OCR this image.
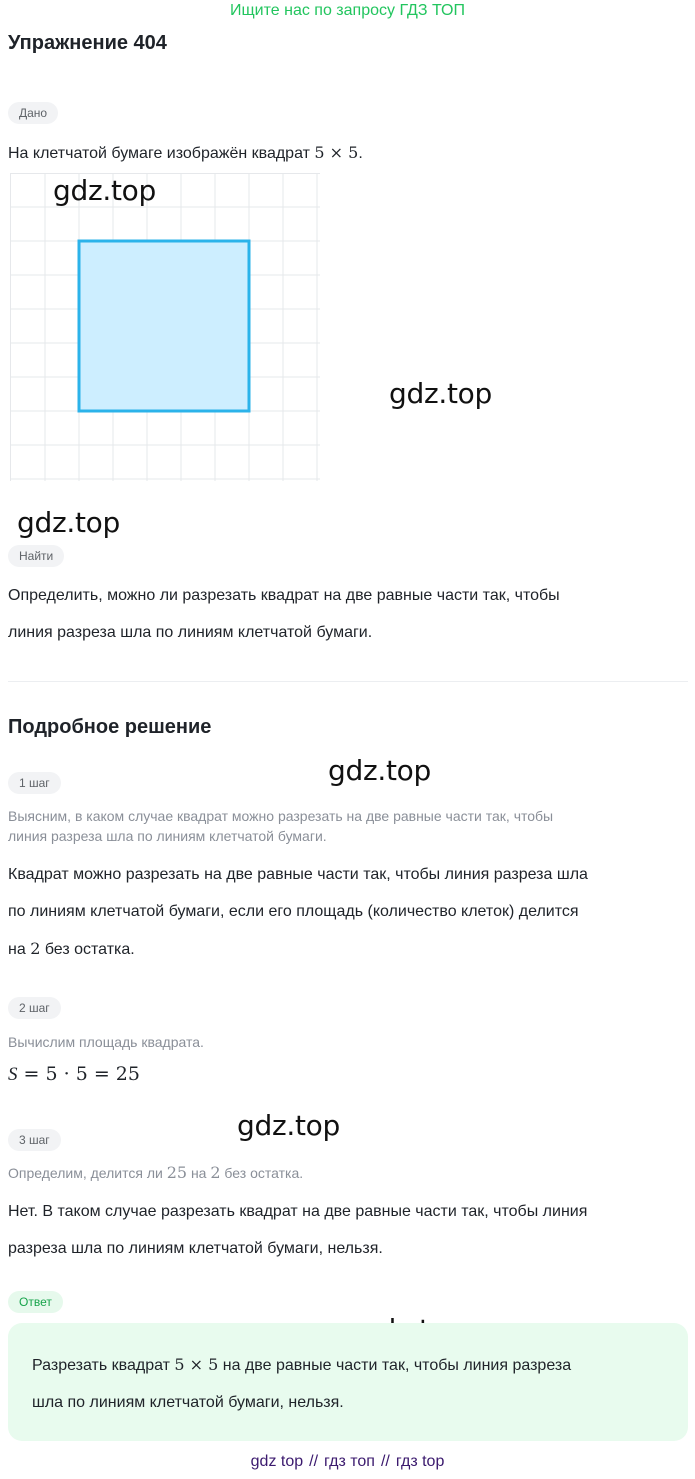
Ищите нас по запросу ГДЗ ТОП
Упражнение 404
Дано
На клетчатой бумаге изображён квадрат 5 × 5.
gdz.top
gdz.top
gdz.top
gdz.top
gdz.top
Найти
Определить, можно ли разрезать квадрат на две равные части так, чтобы
линия разреза шла по линиям клетчатой бумаги.
Подробное решение
1 шаг
Выясним, в каком случае квадрат можно разрезать на две равные части так, чтобы
линия разреза шла по линиям клетчатой бумаги.
Квадрат можно разрезать на две равные части так, чтобы линия разреза шла
по линиям клетчатой бумаги, если его площадь (количество клеток) делится
на 2 без остатка.
2 шаг
Вычислим площадь квадрата.
S = 5 · 5 = 25
3 шаг
Определим, делится ли 25 на 2 без остатка.
Нет. В таком случае разрезать квадрат на две равные части так, чтобы линия
разреза шла по линиям клетчатой бумаги, нельзя.
Ответ
Разрезать квадрат 5 × 5 на две равные части так, чтобы линия разреза
шла по линиям клетчатой бумаги, нельзя.
gdz top // гдз топ // гдз top
